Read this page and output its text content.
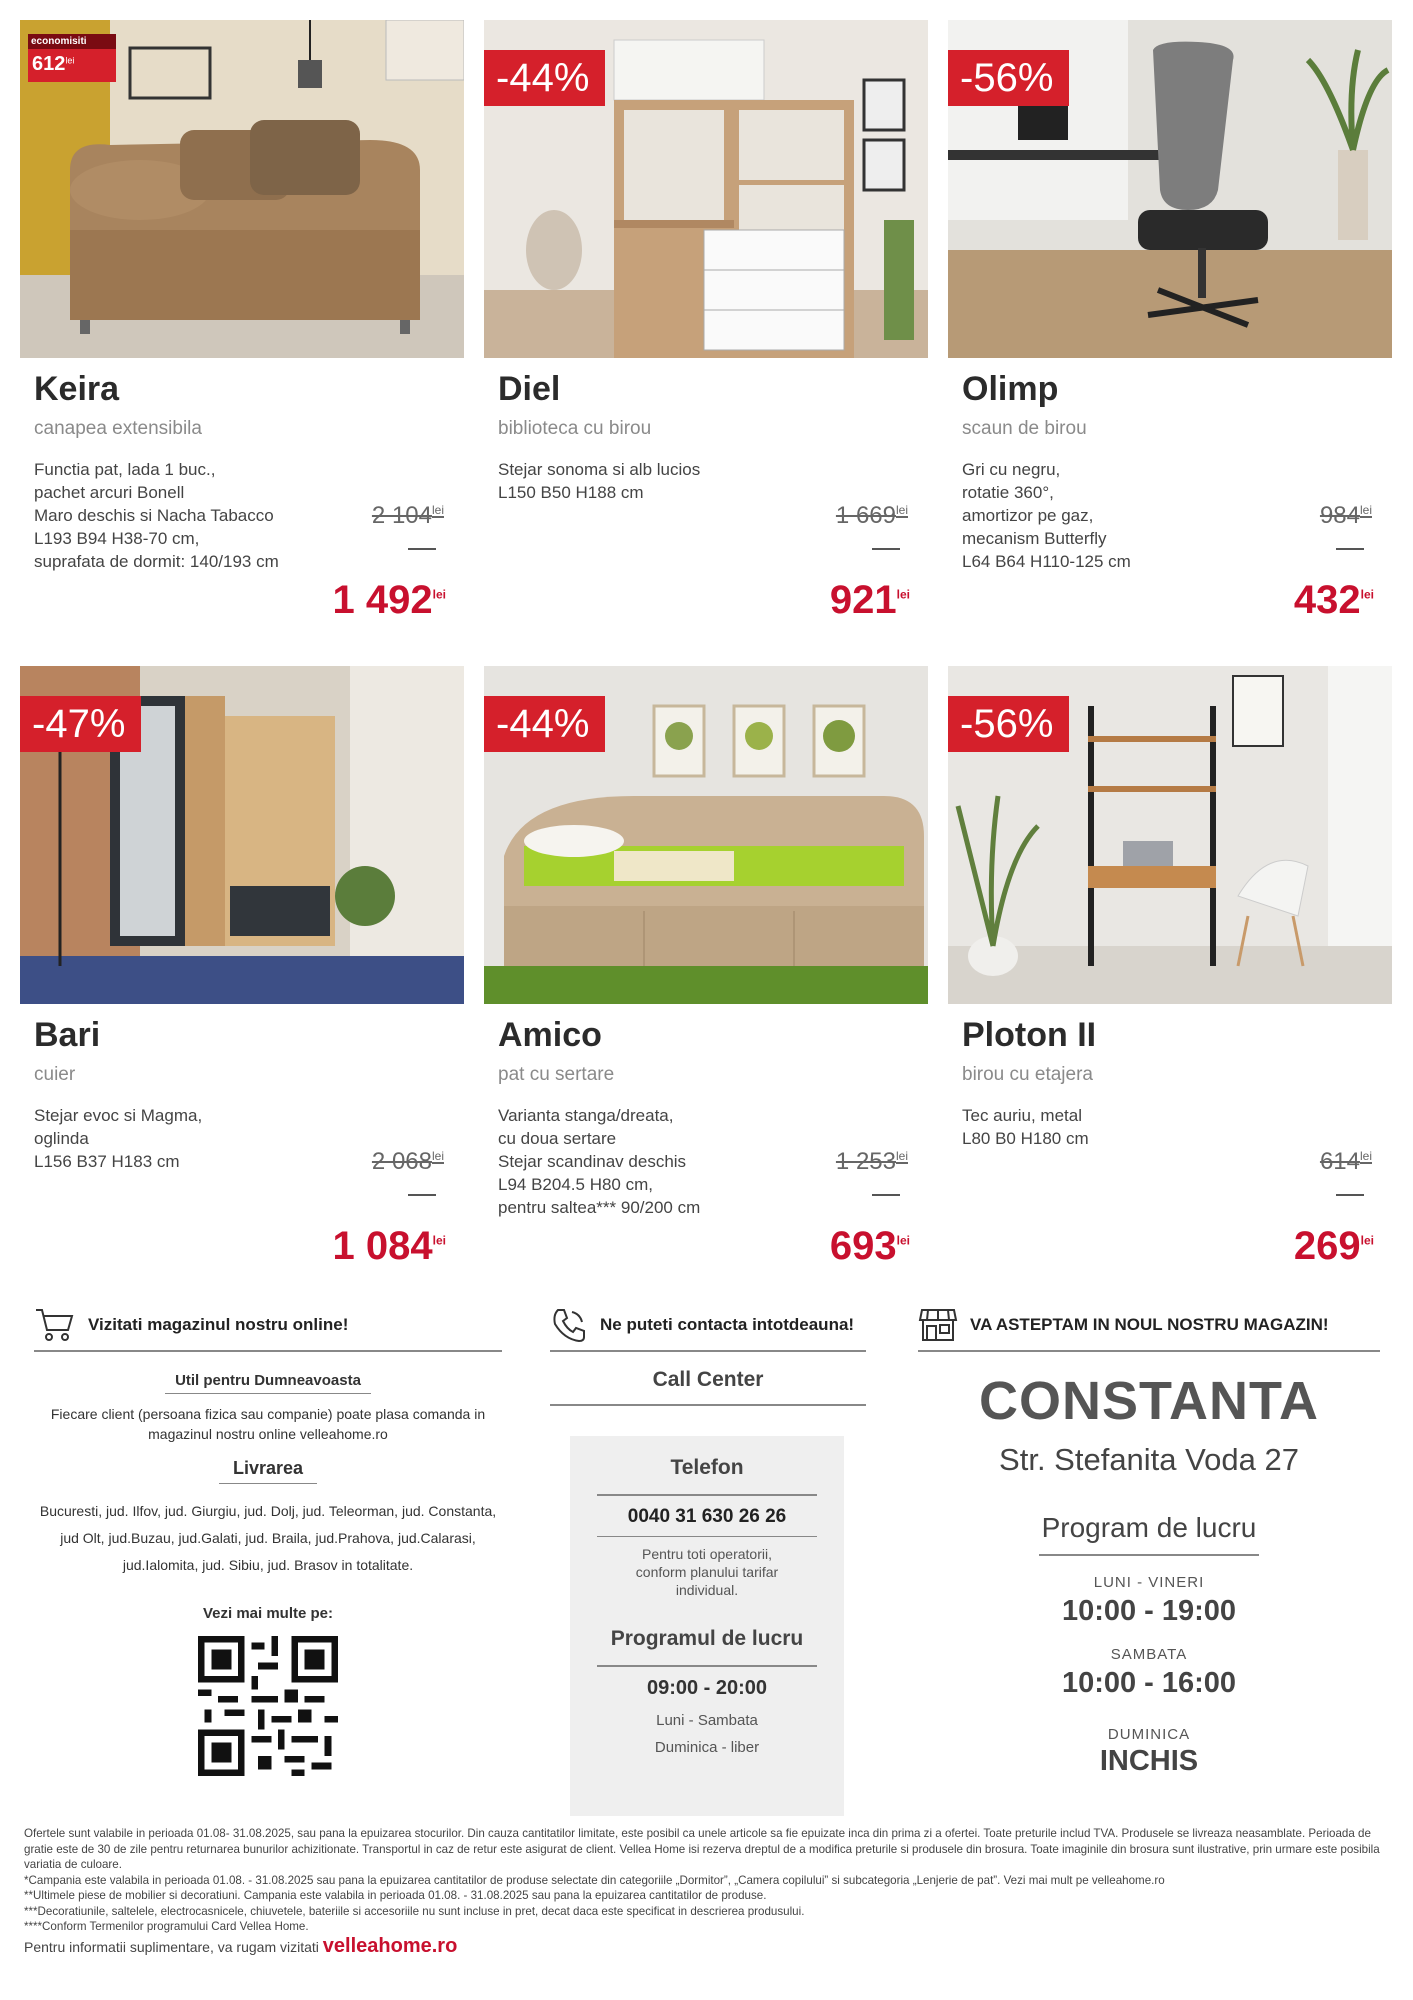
economisiti
$612^{lei}$
Keira
canapea extensibila
Functia pat, lada 1 buc.,
pachet arcuri Bonell
Maro deschis si Nacha Tabacco
L193 B94 H38-70 cm,
suprafata de dormit: 140/193 cm
2 $104^{lei}$
1 $492^{lei}$
-44%
Diel
biblioteca cu birou
Stejar sonoma si alb lucios
L150 B50 H188 cm
1 $669^{lei}$
$921^{lei}$
-56%
Olimp
scaun de birou
Gri cu negru,
rotatie 360°,
amortizor pe gaz,
mecanism Butterfly
L64 B64 H110-125 cm
$984^{lei}$
$432^{lei}$
-47%
Bari
cuier
Stejar evoc si Magma,
oglinda
L156 B37 H183 cm	2 $068^{lei}$
1 $084^{lei}$
-44%
Amico
pat cu sertare
Varianta stanga/dreata,
cu doua sertare
Stejar scandinav deschis
L94 B204.5 H80 cm,
pentru saltea*** 90/200 cm
1 $253^{lei}$
$693^{lei}$
-56%
Ploton II
birou cu etajera
Tec auriu, metal
L80 B0 H180 cm
$614^{lei}$
$269^{lei}$
Vizitati magazinul nostru online!
Util pentru Dumneavoasta

Fiecare client (persoana fizica sau companie) poate plasa comanda in
magazinul nostru online velleahome.ro

Livrarea
Bucuresti, jud. Ilfov, jud. Giurgiu, jud. Dolj, jud. Teleorman, jud. Constanta,
jud Olt, jud.Buzau, jud.Galati, jud. Braila, jud.Prahova, jud.Calarasi,
jud.Ialomita, jud. Sibiu, jud. Brasov in totalitate.
Vezi mai multe pe:
Ne puteti contacta intotdeauna!
Call Center
Telefon
0040 31 630 26 26
Pentru toti operatorii,
conform planului tarifar
individual.
Programul de lucru
09:00 - 20:00
Luni - Sambata
Duminica - liber
VA ASTEPTAM IN NOUL NOSTRU MAGAZIN!
CONSTANTA
Str. Stefanita Voda 27
Program de lucru
LUNI - VINERI
10:00 - 19:00
SAMBATA
10:00 - 16:00
DUMINICA
INCHIS
Ofertele sunt valabile in perioada 01.08- 31.08.2025, sau pana la epuizarea stocurilor. Din cauza cantitatilor limitate, este posibil ca unele articole sa fie epuizate inca din prima zi a ofertei. Toate preturile includ TVA. Produsele se livreaza neasamblate. Perioada de gratie este de 30 de zile pentru returnarea bunurilor achizitionate. Transportul in caz de retur este asigurat de client. Vellea Home isi rezerva dreptul de a modifica preturile si produsele din brosura. Toate imaginile din brosura sunt ilustrative, prin urmare este posibila variatia de culoare.
*Campania este valabila in perioada 01.08. - 31.08.2025 sau pana la epuizarea cantitatilor de produse selectate din categoriile „Dormitor”, „Camera copilului” si subcategoria „Lenjerie de pat”. Vezi mai mult pe velleahome.ro
**Ultimele piese de mobilier si decoratiuni. Campania este valabila in perioada 01.08. - 31.08.2025 sau pana la epuizarea cantitatilor de produse.
***Decoratiunile, saltelele, electrocasnicele, chiuvetele, bateriile si accesoriile nu sunt incluse in pret, decat daca este specificat in descrierea produsului.
****Conform Termenilor programului Card Vellea Home.
Pentru informatii suplimentare, va rugam vizitati velleahome.ro
